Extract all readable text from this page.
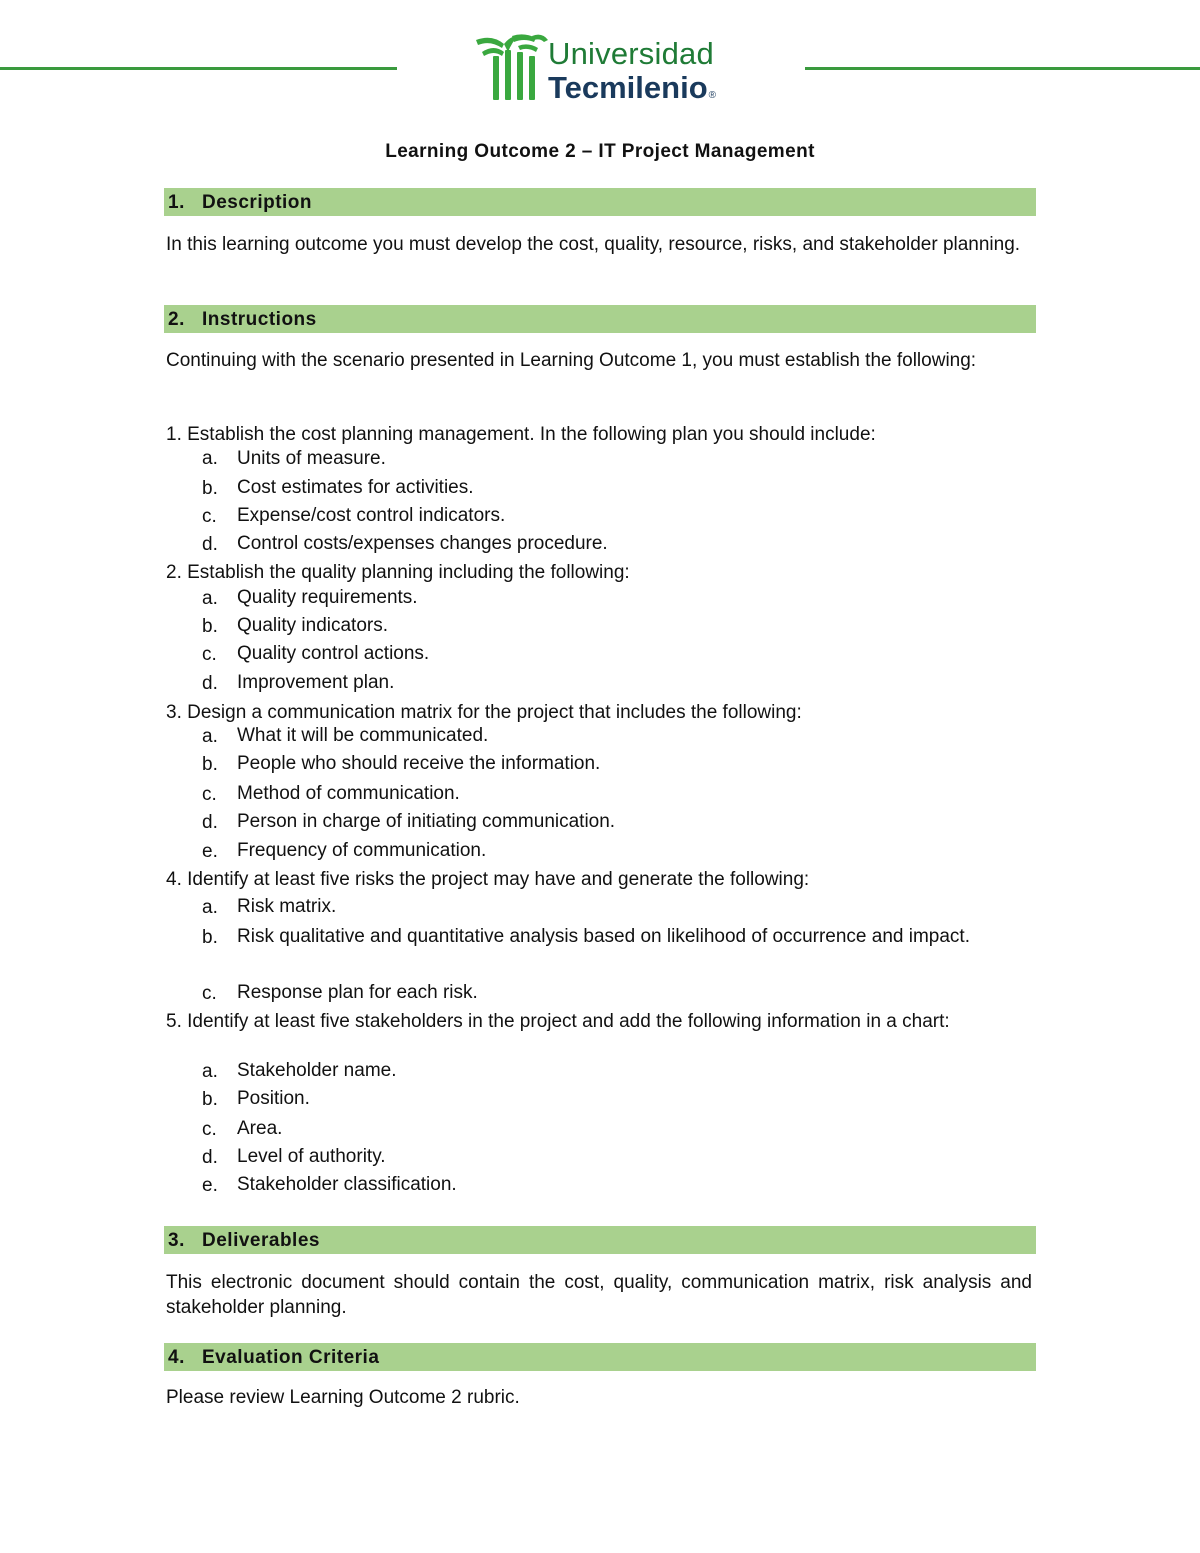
Universidad
Tecmilenio®
Learning Outcome 2 – IT Project Management
1. Description
In this learning outcome you must develop the cost, quality, resource, risks, and stakeholder planning.
2. Instructions
Continuing with the scenario presented in Learning Outcome 1, you must establish the following:
1. Establish the cost planning management. In the following plan you should include:
a. Units of measure.
b. Cost estimates for activities.
c. Expense/cost control indicators.
d. Control costs/expenses changes procedure.
2. Establish the quality planning including the following:
a. Quality requirements.
b. Quality indicators.
c. Quality control actions.
d. Improvement plan.
3. Design a communication matrix for the project that includes the following:
a. What it will be communicated.
b. People who should receive the information.
c. Method of communication.
d. Person in charge of initiating communication.
e. Frequency of communication.
4. Identify at least five risks the project may have and generate the following:
a. Risk matrix.
b. Risk qualitative and quantitative analysis based on likelihood of occurrence and impact.
c. Response plan for each risk.
5. Identify at least five stakeholders in the project and add the following information in a chart:
a. Stakeholder name.
b. Position.
c. Area.
d. Level of authority.
e. Stakeholder classification.
3. Deliverables
This electronic document should contain the cost, quality, communication matrix, risk analysis and stakeholder planning.
4. Evaluation Criteria
Please review Learning Outcome 2 rubric.
